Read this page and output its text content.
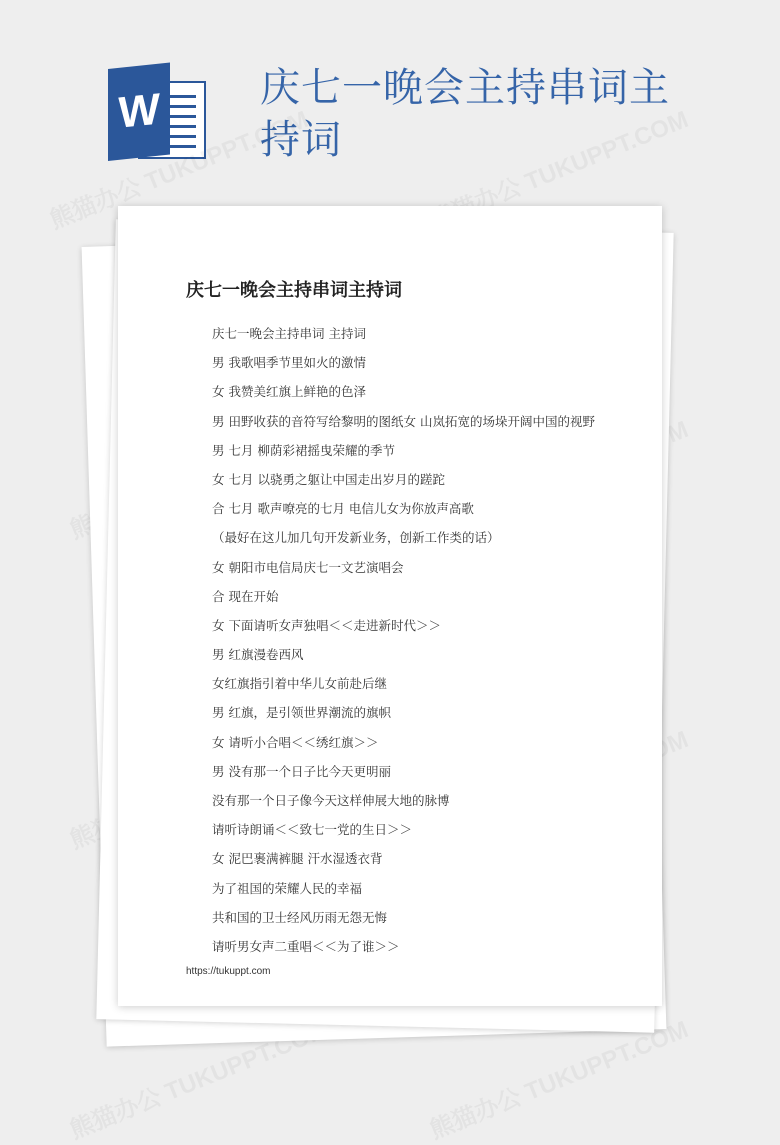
W	庆七一晚会主持串词主持词
庆七一晚会主持串词主持词
庆七一晚会主持串词 主持词
男 我歌唱季节里如火的激情
女 我赞美红旗上鲜艳的色泽
男 田野收获的音符写给黎明的图纸女 山岚拓宽的场垛开阔中国的视野
男 七月 柳荫彩裙摇曳荣耀的季节
女 七月 以骁勇之躯让中国走出岁月的蹉跎
合 七月 歌声嘹亮的七月 电信儿女为你放声高歌
（最好在这儿加几句开发新业务，创新工作类的话）
女 朝阳市电信局庆七一文艺演唱会
合 现在开始
女 下面请听女声独唱＜＜走进新时代＞＞
男 红旗漫卷西风
女红旗指引着中华儿女前赴后继
男 红旗，是引领世界潮流的旗帜
女 请听小合唱＜＜绣红旗＞＞
男 没有那一个日子比今天更明丽
没有那一个日子像今天这样伸展大地的脉博
请听诗朗诵＜＜致七一党的生日＞＞
女 泥巴裹满裤腿 汗水湿透衣背
为了祖国的荣耀人民的幸福
共和国的卫士经风历雨无怨无悔
请听男女声二重唱＜＜为了谁＞＞
https://tukuppt.com
